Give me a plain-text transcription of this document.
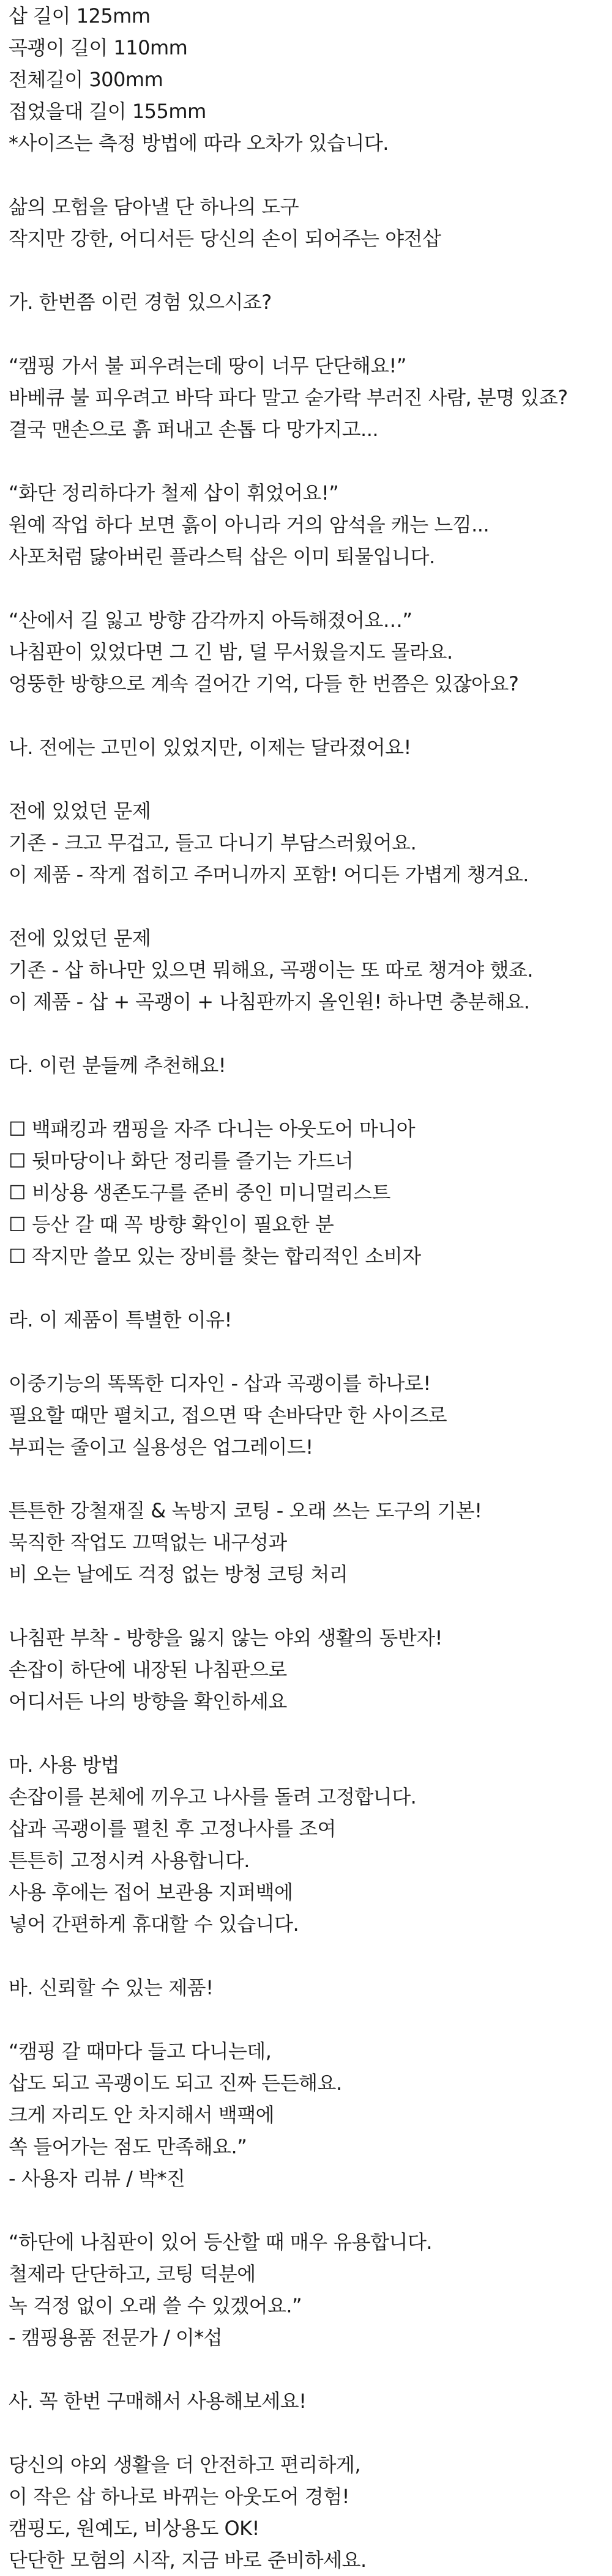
삽 길이 125mm
곡괭이 길이 110mm
전체길이 300mm
접었을대 길이 155mm
*사이즈는 측정 방법에 따라 오차가 있습니다.
삶의 모험을 담아낼 단 하나의 도구
작지만 강한, 어디서든 당신의 손이 되어주는 야전삽
가. 한번쯤 이런 경험 있으시죠?
“캠핑 가서 불 피우려는데 땅이 너무 단단해요!”
바베큐 불 피우려고 바닥 파다 말고 숟가락 부러진 사람, 분명 있죠?
결국 맨손으로 흙 퍼내고 손톱 다 망가지고...
“화단 정리하다가 철제 삽이 휘었어요!”
원예 작업 하다 보면 흙이 아니라 거의 암석을 캐는 느낌...
사포처럼 닳아버린 플라스틱 삽은 이미 퇴물입니다.
“산에서 길 잃고 방향 감각까지 아득해졌어요…”
나침판이 있었다면 그 긴 밤, 덜 무서웠을지도 몰라요.
엉뚱한 방향으로 계속 걸어간 기억, 다들 한 번쯤은 있잖아요?
나. 전에는 고민이 있었지만, 이제는 달라졌어요!
전에 있었던 문제
기존 - 크고 무겁고, 들고 다니기 부담스러웠어요.
이 제품 - 작게 접히고 주머니까지 포함! 어디든 가볍게 챙겨요.
전에 있었던 문제
기존 - 삽 하나만 있으면 뭐해요, 곡괭이는 또 따로 챙겨야 했죠.
이 제품 - 삽 + 곡괭이 + 나침판까지 올인원! 하나면 충분해요.
다. 이런 분들께 추천해요!
☐ 백패킹과 캠핑을 자주 다니는 아웃도어 마니아
☐ 뒷마당이나 화단 정리를 즐기는 가드너
☐ 비상용 생존도구를 준비 중인 미니멀리스트
☐ 등산 갈 때 꼭 방향 확인이 필요한 분
☐ 작지만 쓸모 있는 장비를 찾는 합리적인 소비자
라. 이 제품이 특별한 이유!
이중기능의 똑똑한 디자인 - 삽과 곡괭이를 하나로!
필요할 때만 펼치고, 접으면 딱 손바닥만 한 사이즈로
부피는 줄이고 실용성은 업그레이드!
튼튼한 강철재질 & 녹방지 코팅 - 오래 쓰는 도구의 기본!
묵직한 작업도 끄떡없는 내구성과
비 오는 날에도 걱정 없는 방청 코팅 처리
나침판 부착 - 방향을 잃지 않는 야외 생활의 동반자!
손잡이 하단에 내장된 나침판으로
어디서든 나의 방향을 확인하세요
마. 사용 방법
손잡이를 본체에 끼우고 나사를 돌려 고정합니다.
삽과 곡괭이를 펼친 후 고정나사를 조여
튼튼히 고정시켜 사용합니다.
사용 후에는 접어 보관용 지퍼백에
넣어 간편하게 휴대할 수 있습니다.
바. 신뢰할 수 있는 제품!
“캠핑 갈 때마다 들고 다니는데,
삽도 되고 곡괭이도 되고 진짜 든든해요.
크게 자리도 안 차지해서 백팩에
쏙 들어가는 점도 만족해요.”
- 사용자 리뷰 / 박*진
“하단에 나침판이 있어 등산할 때 매우 유용합니다.
철제라 단단하고, 코팅 덕분에
녹 걱정 없이 오래 쓸 수 있겠어요.”
- 캠핑용품 전문가 / 이*섭
사. 꼭 한번 구매해서 사용해보세요!
당신의 야외 생활을 더 안전하고 편리하게,
이 작은 삽 하나로 바뀌는 아웃도어 경험!
캠핑도, 원예도, 비상용도 OK!
단단한 모험의 시작, 지금 바로 준비하세요.
